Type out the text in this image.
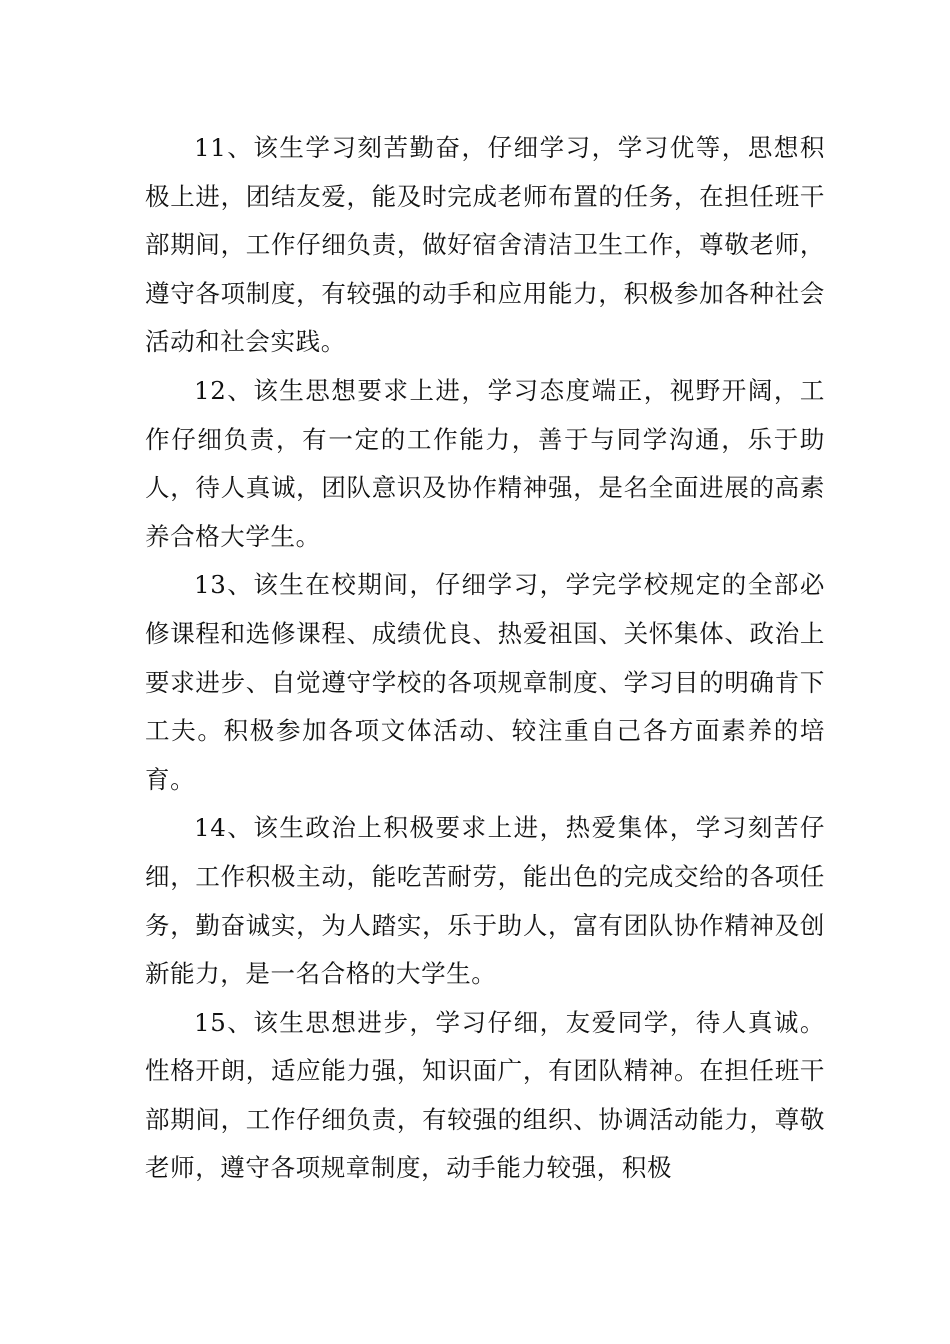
11、该生学习刻苦勤奋，仔细学习，学习优等，思想积极上进，团结友爱，能及时完成老师布置的任务，在担任班干部期间，工作仔细负责，做好宿舍清洁卫生工作，尊敬老师，遵守各项制度，有较强的动手和应用能力，积极参加各种社会活动和社会实践。

12、该生思想要求上进，学习态度端正，视野开阔，工作仔细负责，有一定的工作能力，善于与同学沟通，乐于助人，待人真诚，团队意识及协作精神强，是名全面进展的高素养合格大学生。

13、该生在校期间，仔细学习，学完学校规定的全部必修课程和选修课程、成绩优良、热爱祖国、关怀集体、政治上要求进步、自觉遵守学校的各项规章制度、学习目的明确肯下工夫。积极参加各项文体活动、较注重自己各方面素养的培育。

14、该生政治上积极要求上进，热爱集体，学习刻苦仔细，工作积极主动，能吃苦耐劳，能出色的完成交给的各项任务，勤奋诚实，为人踏实，乐于助人，富有团队协作精神及创新能力，是一名合格的大学生。

15、该生思想进步，学习仔细，友爱同学，待人真诚。性格开朗，适应能力强，知识面广，有团队精神。在担任班干部期间，工作仔细负责，有较强的组织、协调活动能力，尊敬老师，遵守各项规章制度，动手能力较强，积极
